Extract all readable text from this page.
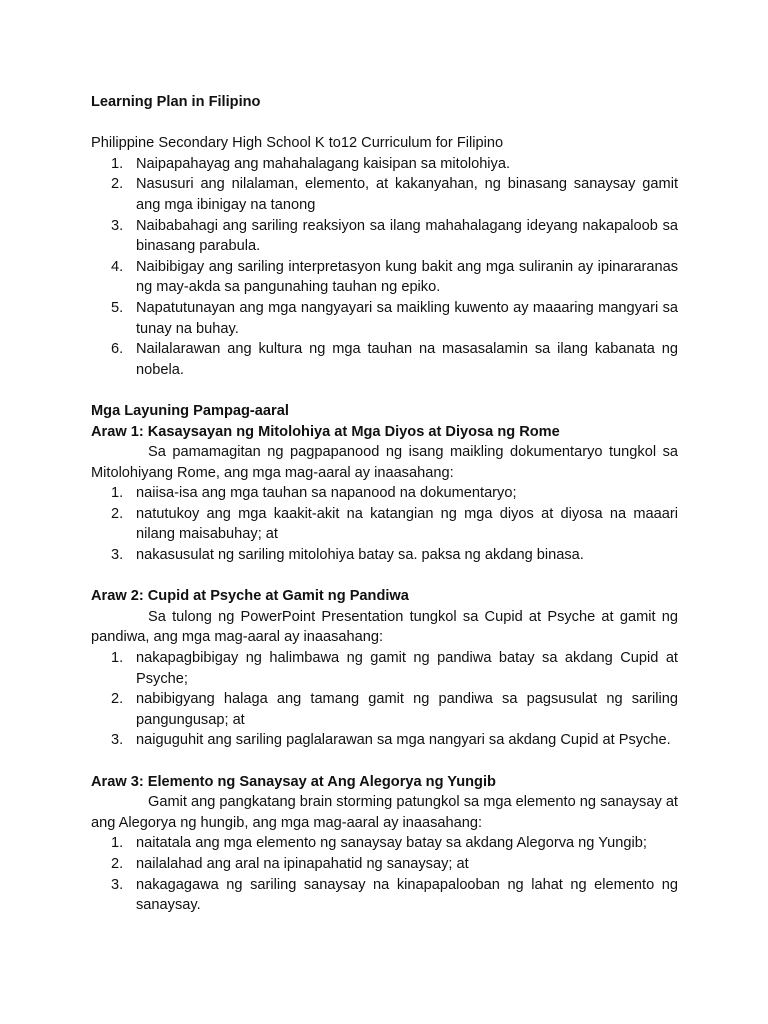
Learning Plan in Filipino
Philippine Secondary High School K to12 Curriculum for Filipino
1. Naipapahayag ang mahahalagang kaisipan sa mitolohiya.
2. Nasusuri ang nilalaman, elemento, at kakanyahan, ng binasang sanaysay gamit ang mga ibinigay na tanong
3. Naibabahagi ang sariling reaksiyon sa ilang mahahalagang ideyang nakapaloob sa binasang parabula.
4. Naibibigay ang sariling interpretasyon kung bakit ang mga suliranin ay ipinararanas ng may-akda sa pangunahing tauhan ng epiko.
5. Napatutunayan ang mga nangyayari sa maikling kuwento ay maaaring mangyari sa tunay na buhay.
6. Nailalarawan ang kultura ng mga tauhan na masasalamin sa ilang kabanata ng nobela.
Mga Layuning Pampag-aaral
Araw 1: Kasaysayan ng Mitolohiya at Mga Diyos at Diyosa ng Rome
Sa pamamagitan ng pagpapanood ng isang maikling dokumentaryo tungkol sa Mitolohiyang Rome, ang mga mag-aaral ay inaasahang:
1. naiisa-isa ang mga tauhan sa napanood na dokumentaryo;
2. natutukoy ang mga kaakit-akit na katangian ng mga diyos at diyosa na maaari nilang maisabuhay; at
3. nakasusulat ng sariling mitolohiya batay sa. paksa ng akdang binasa.
Araw 2: Cupid at Psyche at Gamit ng Pandiwa
Sa tulong ng PowerPoint Presentation tungkol sa Cupid at Psyche at gamit ng pandiwa, ang mga mag-aaral ay inaasahang:
1. nakapagbibigay ng halimbawa ng gamit ng pandiwa batay sa akdang Cupid at Psyche;
2. nabibigyang halaga ang tamang gamit ng pandiwa sa pagsusulat ng sariling pangungusap; at
3. naiguguhit ang sariling paglalarawan sa mga nangyari sa akdang Cupid at Psyche.
Araw 3: Elemento ng Sanaysay at Ang Alegorya ng Yungib
Gamit ang pangkatang brain storming patungkol sa mga elemento ng sanaysay at ang Alegorya ng hungib, ang mga mag-aaral ay inaasahang:
1. naitatala ang mga elemento ng sanaysay batay sa akdang Alegorva ng Yungib;
2. nailalahad ang aral na ipinapahatid ng sanaysay; at
3. nakagagawa ng sariling sanaysay na kinapapalooban ng lahat ng elemento ng sanaysay.
